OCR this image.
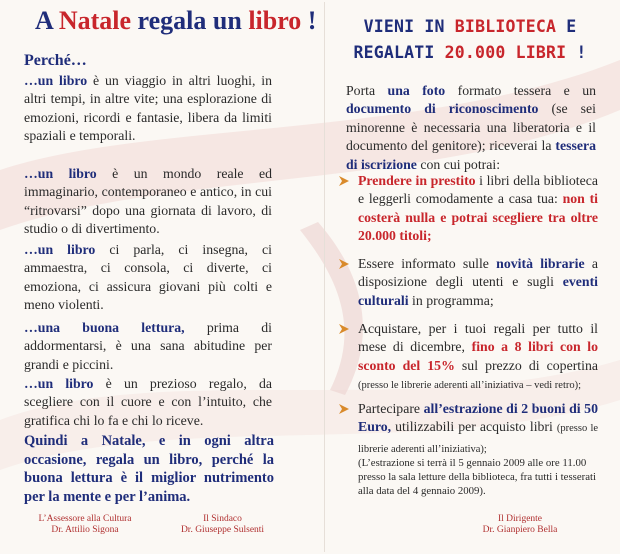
A Natale regala un libro !
Perché…

…un libro è un viaggio in altri luoghi, in altri tempi, in altre vite; una esplorazione di emozioni, ricordi e fantasie, libera da limiti spaziali e temporali.

…un libro è un mondo reale ed immaginario, contemporaneo e antico, in cui “ritrovarsi” dopo una giornata di lavoro, di studio o di divertimento.

…un libro ci parla, ci insegna, ci ammaestra, ci consola, ci diverte, ci emoziona, ci assicura giovani più colti e meno violenti.

…una buona lettura, prima di addormentarsi, è una sana abitudine per grandi e piccini.

…un libro è un prezioso regalo, da scegliere con il cuore e con l’intuito, che gratifica chi lo fa e chi lo riceve.

Quindi a Natale, e in ogni altra occasione, regala un libro, perché la buona lettura è il miglior nutrimento per la mente e per l’anima.

L’Assessore alla Cultura
Dr. Attilio Sigona
Il Sindaco
Dr. Giuseppe Sulsenti
VIENI IN BIBLIOTECA E
REGALATI 20.000 LIBRI !

Porta una foto formato tessera e un documento di riconoscimento (se sei minorenne è necessaria una liberatoria e il documento del genitore); riceverai la tessera di iscrizione con cui potrai:

Prendere in prestito i libri della biblioteca e leggerli comodamente a casa tua: non ti costerà nulla e potrai scegliere tra oltre 20.000 titoli;

Essere informato sulle novità librarie a disposizione degli utenti e sugli eventi culturali in programma;

Acquistare, per i tuoi regali per tutto il mese di dicembre, fino a 8 libri con lo sconto del 15% sul prezzo di copertina (presso le librerie aderenti all’iniziativa – vedi retro);

Partecipare all’estrazione di 2 buoni di 50 Euro, utilizzabili per acquisto libri (presso le librerie aderenti all’iniziativa);

(L’estrazione si terrà il 5 gennaio 2009 alle ore 11.00 presso la sala letture della biblioteca, fra tutti i tesserati alla data del 4 gennaio 2009).

Il Dirigente
Dr. Gianpiero Bella
